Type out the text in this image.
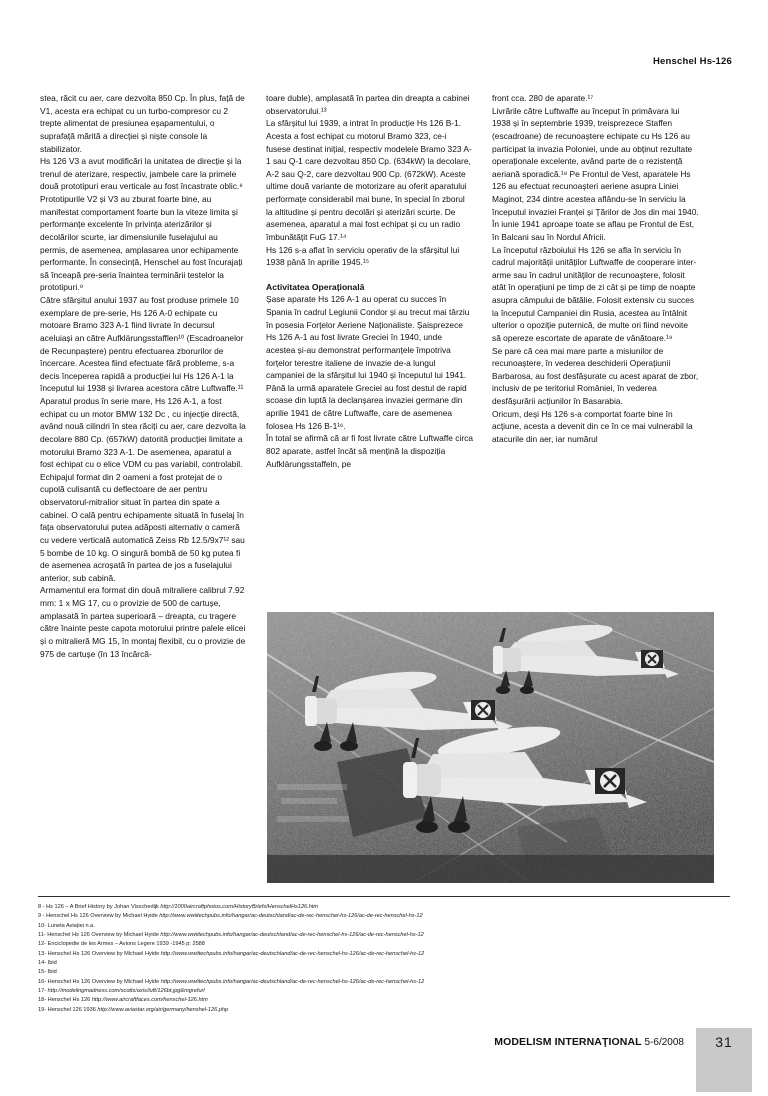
Henschel Hs-126

stea, răcit cu aer, care dezvolta 850 Cp. În plus, față de V1, acesta era echipat cu un turbo-compresor cu 2 trepte alimentat de presiunea eșapamentului, o suprafață mărită a direcției și niște console la stabilizator.

Hs 126 V3 a avut modificări la unitatea de direcție și la trenul de aterizare, respectiv, jambele care la primele două prototipuri erau verticale au fost încastrate oblic.⁸

Prototipurile V2 și V3 au zburat foarte bine, au manifestat comportament foarte bun la viteze limita și performanțe excelente în privința aterizărilor și decolărilor scurte, iar dimensiunile fuselajului au permis, de asemenea, amplasarea unor echipamente performante. În consecință, Henschel au fost încurajați să înceapă pre-seria înaintea terminării testelor la prototipuri.⁹

Către sfârșitul anului 1937 au fost produse primele 10 exemplare de pre-serie, Hs 126 A-0 echipate cu motoare Bramo 323 A-1 fiind livrate în decursul aceluiași an către Aufklärungsstafflen¹⁰ (Escadroanelor de Recunpaștere) pentru efectuarea zborurilor de încercare. Acestea fiind efectuate fără probleme, s-a decis începerea rapidă a producției lui Hs 126 A-1 la începutul lui 1938 și livrarea acestora către Luftwaffe.¹¹

Aparatul produs în serie mare, Hs 126 A-1, a fost echipat cu un motor BMW 132 Dc , cu injecție directă, având nouă cilindri în stea răciți cu aer, care dezvolta la decolare 880 Cp. (657kW) datorită producției limitate a motorului Bramo 323 A-1. De asemenea, aparatul a fost echipat cu o elice VDM cu pas variabil, controlabil.

Echipajul format din 2 oameni a fost protejat de o cupolă culisantă cu deflectoare de aer pentru observatorul-mitralior situat în partea din spate a cabinei. O cală pentru echipamente situată în fuselaj în fața observatorului putea adăposti alternativ o cameră cu vedere verticală automatică Zeiss Rb 12.5/9x7¹² sau 5 bombe de 10 kg. O singură bombă de 50 kg putea fi de asemenea acroșată în partea de jos a fuselajului anterior, sub cabină.

Armamentul era format din două mitraliere calibrul 7.92 mm: 1 x MG 17, cu o provizie de 500 de cartușe, amplasată în partea superioară – dreapta, cu tragere către înainte peste capota motorului printre palele elicei și o mitralieră MG 15, în montaj flexibil, cu o provizie de 975 de cartușe (în 13 încărcă-

toare duble), amplasată în partea din dreapta a cabinei observatorului.¹³

La sfârșitul lui 1939, a intrat în producție Hs 126 B-1. Acesta a fost echipat cu motorul Bramo 323, ce-i fusese destinat inițial, respectiv modelele Bramo 323 A-1 sau Q-1 care dezvoltau 850 Cp. (634kW) la decolare, A-2 sau Q-2, care dezvoltau 900 Cp. (672kW). Aceste ultime două variante de motorizare au oferit aparatului performațe considerabil mai bune, în special în zborul la altitudine și pentru decolări și aterizări scurte. De asemenea, aparatul a mai fost echipat și cu un radio îmbunătățit FuG 17.¹⁴

Hs 126 s-a aflat în serviciu operativ de la sfârșitul lui 1938 până în aprilie 1945.¹⁵

Activitatea Operațională

Șase aparate Hs 126 A-1 au operat cu succes în Spania în cadrul Legiunii Condor și au trecut mai târziu în posesia Forțelor Aeriene Naționaliste. Șaisprezece Hs 126 A-1 au fost livrate Greciei în 1940, unde acestea și-au demonstrat performanțele împotriva forțelor terestre italiene de invazie de-a lungul campaniei de la sfârșitul lui 1940 și începutul lui 1941. Până la urmă aparatele Greciei au fost destul de rapid scoase din luptă la declanșarea invaziei germane din aprilie 1941 de către Luftwaffe, care de asemenea folosea Hs 126 B-1¹⁶.

În total se afirmă că ar fi fost livrate către Luftwaffe circa 802 aparate, astfel încât să mențină la dispoziția Aufklärungsstaffeln, pe

front cca. 280 de aparate.¹⁷

Livrările către Luftwaffe au început în primăvara lui 1938 și în septembrie 1939, treisprezece Staffen (escadroane) de recunoaștere echipate cu Hs 126 au participat la invazia Poloniei, unde au obținut rezultate operaționale excelente, având parte de o rezistență aeriană sporadică.¹⁸ Pe Frontul de Vest, aparatele Hs 126 au efectuat recunoașteri aeriene asupra Liniei Maginot, 234 dintre acestea aflându-se în serviciu la începutul invaziei Franței și Țărilor de Jos din mai 1940. În iunie 1941 aproape toate se aflau pe Frontul de Est, în Balcani sau în Nordul Africii.

La începutul războiului Hs 126 se afla în serviciu în cadrul majorității unităților Luftwaffe de cooperare inter-arme sau în cadrul unităților de recunoaștere, folosit atât în operațiuni pe timp de zi cât și pe timp de noapte asupra câmpului de bătălie. Folosit extensiv cu succes la începutul Campaniei din Rusia, acestea au întâlnit ulterior o opoziție puternică, de multe ori fiind nevoite să opereze escortate de aparate de vânătoare.¹⁹

Se pare că cea mai mare parte a misiunilor de recunoaștere, în vederea deschiderii Operațiunii Barbarosa, au fost desfășurate cu acest aparat de zbor, inclusiv de pe teritoriul României, în vederea desfășurării acțiunilor în Basarabia.

Oricum, deși Hs 126 s-a comportat foarte bine în acțiune, acesta a devenit din ce în ce mai vulnerabil la atacurile din aer, iar numărul

8 - Hs 126 – A Brief History by Johan Visschedijk http://1000aircraftphotos.com/HistoryBriefs/HenschelHs126.htm
9 - Henschel Hs 126 Overview by Michael Hyide http://www.wwiitechpubs.info/hangar/ac-deutschland/ac-de-rec-henschel-hs-126/ac-de-rec-henschel-hs-12
10- Luneta Aviației n.a.
11- Henschel Hs 126 Overview by Michael Hyide http://www.wwiitechpubs.info/hangar/ac-deutschland/ac-de-rec-henschel-hs-126/ac-de-rec-henschel-hs-12
12- Enciclopedie de les Armes – Avions Legere 1939 -1945 p: 2588
13- Henschel Hs 126 Overview by Michael Hyide http://www.wwiitechpubs.info/hangar/ac-deutschland/ac-de-rec-henschel-hs-126/ac-de-rec-henschel-hs-12
14- Ibid
15- Ibid
16- Henschel Hs 126 Overview by Michael Hyide http://www.wwiitechpubs.info/hangar/ac-deutschland/ac-de-rec-henschel-hs-126/ac-de-rec-henschel-hs-12
17- http://modelingmadness.com/scotts/axis/luft/126bt.jpg&mgrefurl
18- Henschel Hs 126 http://www.aircraftfaces.com/henschel-126.htm
19- Henschel 126 1936 http://www.aviastar.org/air/germany/henshel-126.php
MODELISM INTERNAŢIONAL 5-6/2008	31
